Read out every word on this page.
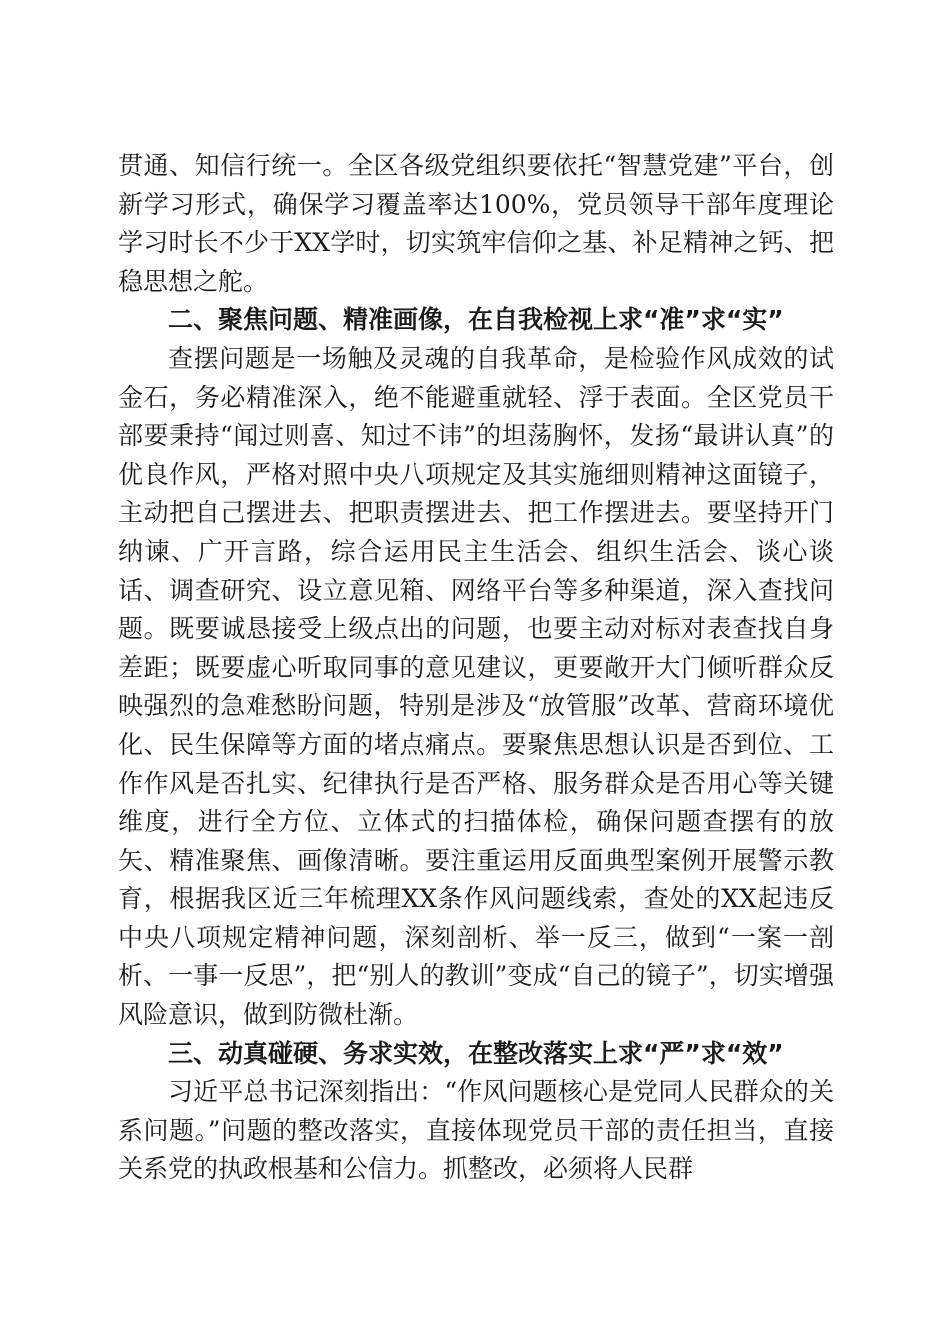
贯通、知信行统一。全区各级党组织要依托“智慧党建”平台，创新学习形式，确保学习覆盖率达100%，党员领导干部年度理论学习时长不少于XX学时，切实筑牢信仰之基、补足精神之钙、把稳思想之舵。

二、聚焦问题、精准画像，在自我检视上求“准”求“实”

查摆问题是一场触及灵魂的自我革命，是检验作风成效的试金石，务必精准深入，绝不能避重就轻、浮于表面。全区党员干部要秉持“闻过则喜、知过不讳”的坦荡胸怀，发扬“最讲认真”的优良作风，严格对照中央八项规定及其实施细则精神这面镜子，主动把自己摆进去、把职责摆进去、把工作摆进去。要坚持开门纳谏、广开言路，综合运用民主生活会、组织生活会、谈心谈话、调查研究、设立意见箱、网络平台等多种渠道，深入查找问题。既要诚恳接受上级点出的问题，也要主动对标对表查找自身差距；既要虚心听取同事的意见建议，更要敞开大门倾听群众反映强烈的急难愁盼问题，特别是涉及“放管服”改革、营商环境优化、民生保障等方面的堵点痛点。要聚焦思想认识是否到位、工作作风是否扎实、纪律执行是否严格、服务群众是否用心等关键维度，进行全方位、立体式的扫描体检，确保问题查摆有的放矢、精准聚焦、画像清晰。要注重运用反面典型案例开展警示教育，根据我区近三年梳理XX条作风问题线索，查处的XX起违反中央八项规定精神问题，深刻剖析、举一反三，做到“一案一剖析、一事一反思”，把“别人的教训”变成“自己的镜子”，切实增强风险意识，做到防微杜渐。

三、动真碰硬、务求实效，在整改落实上求“严”求“效”

习近平总书记深刻指出：“作风问题核心是党同人民群众的关系问题。”问题的整改落实，直接体现党员干部的责任担当，直接关系党的执政根基和公信力。抓整改，必须将人民群
